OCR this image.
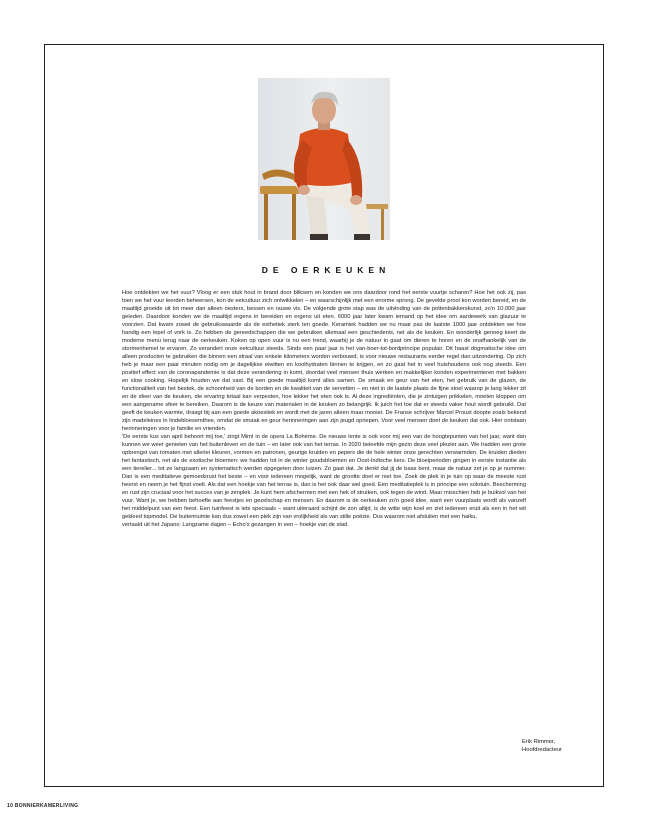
DE OERKEUKEN

Hoe ontdekten we het vuur? Vloog er een stuk hout in brand door bliksem en konden we ons daardoor rond het eerste vuurtje scharen? Hoe het ook zij, pas toen we het vuur leerden beheersen, kon de eetcultuur zich ontwikkelen – en waarschijnlijk met een enorme sprong. De gevelde prooi kon worden bereid, en de maaltijd groeide uit tot meer dan alleen oesters, bessen en rauwe vis. De volgende grote stap was de uitvinding van de pottenbakkerskunst, zo'n 10.000 jaar geleden. Daardoor konden we de maaltijd ergens in bereiden en ergens uit eten. 6000 jaar later kwam iemand op het idee om aardewerk van glazuur te voorzien. Dat kwam zowel de gebruikswaarde als de esthetiek sterk ten goede. Keramiek hadden we nu maar pas de laatste 1000 jaar ontdekten we hoe handig een lepel of vork is. Zo hebben de gereedschappen die we gebruiken allemaal een geschiedenis, net als de keuken. En wonderlijk genoeg keert de moderne menu terug naar de oerkeuken. Koken op open vuur is nu een trend, waarbij je de natuur in gaat om dieren te horen en de onafhankelijk van de stormenhemel te ervaren. Zo verandert onze eetcultuur steeds. Sinds een paar jaar is het van-boer-tot-bordprincipe populair. Dit haast dogmatische idee om alleen producten te gebruiken die binnen een straal van enkele kilometers worden verbouwd, is voor nieuwe restaurants eerder regel dan uitzondering. Op zich heb je maar een paar minuten nodig om je dagelijkse eiwitten en koolhydraten binnen te krijgen, en zo gaat het in veel huishoudens ook nog steeds. Een positief effect van de coronapandemie is dat deze verandering in komt, doordat veel mensen thuis werken en makkelijker konden experimenteren met bakken en slow cooking. Hopelijk houden we dat vast. Bij een goede maaltijd komt alles samen. De smaak en geur van het eten, het gebruik van de glazen, de functionaliteit van het bestek, de schoonheid van de borden en de kwaliteit van de servetten – en niet in de laatste plaats de fijne stoel waarop je lang lekker zit en de sfeer van de keuken, die ervaring totaal kan verpesten, hoe lekker het eten ook is. Al deze ingrediënten, die je zintuigen prikkelen, moeten kloppen om een aangename sfeer te bereiken. Daarom is de keuze van materialen in de keuken zo belangrijk. Ik juich het toe dat er steeds vaker hout wordt gebruikt. Dat geeft de keuken warmte, draagt bij aan een goede akoestiek en wordt met de jaren alleen maar mooier. De Franse schrijver Marcel Proust doopte zoals bekend zijn madeleines in lindebloesemthee, omdat de smaak en geur herinneringen aan zijn jeugd opriepen. Voor veel mensen doet de keuken dat ook. Hier ontstaan herinneringen voor je familie en vrienden.

'De eerste kus van april behoort mij toe,' zingt Mimì in de opera La Bohème. De nieuwe lente is ook voor mij een van de hoogtepunten van het jaar, want dan kunnen we weer genieten van het buitenleven en de tuin – en later ook van het terras. In 2020 beleefde mijn gezin deze veel plezier aan. We hadden een grote opbrengst van tomaten met allerlei kleuren, vormen en patronen, geurige kruiden en pepers die de hele winter onze gerechten verwarmden. De kruiden dieden het fantastisch, net als de exotische bloemen: we hadden tot in de winter goudsbloemen en Oost-Indische kers. De bloeiperioden gingen in eerste instantie als een tierelier... tot ze langzaam en systematisch werden opgegeten door luizen. Zo gaat dat. Je denkt dat jij de baas bent, maar de natuur zet je op je nummer. Dan is een meditatieve gemoedsrust het beste – en voor iedereen mogelijk, want de grootte doet er niet toe. Zoek de plek in je tuin op waar de meeste rust heerst en neem je het fijnst voelt. Als dat een hoekje van het terras is, dan is het ook daar wel goed. Een meditatieplek is in principe een solotuin. Bescherming en rust zijn cruciaal voor het succes van je zenplek. Je kunt hem afschermen met een hek of struiken, ook tegen de wind. Maar misschien heb je buikvol van het vuur. Want je, we hebben behoefte aan feestjes en gezelschap en mensen. En daarom is de oerkeuken zo'n goed idee, want een vuurplaats wordt als vanzelf het middelpunt van een feest. Een tuinfeest is iets speciaals – want uiteraard schijnt de zon altijd, is de witte wijn koel en ziet iedereen eruit als een in het wit gekleed topmodel. De buitenruimte kan dus zowel een plek zijn van vrolijkheid als van stille poëzie. Dus waarom niet afsluiten met een haiku,

vertaald uit het Japans: Langzame dagen – Echo's gezangen in een – hoekje van de stad.

Erik Rimmer,
Hoofdredacteur
10 BONNIERKAMERLIVING
